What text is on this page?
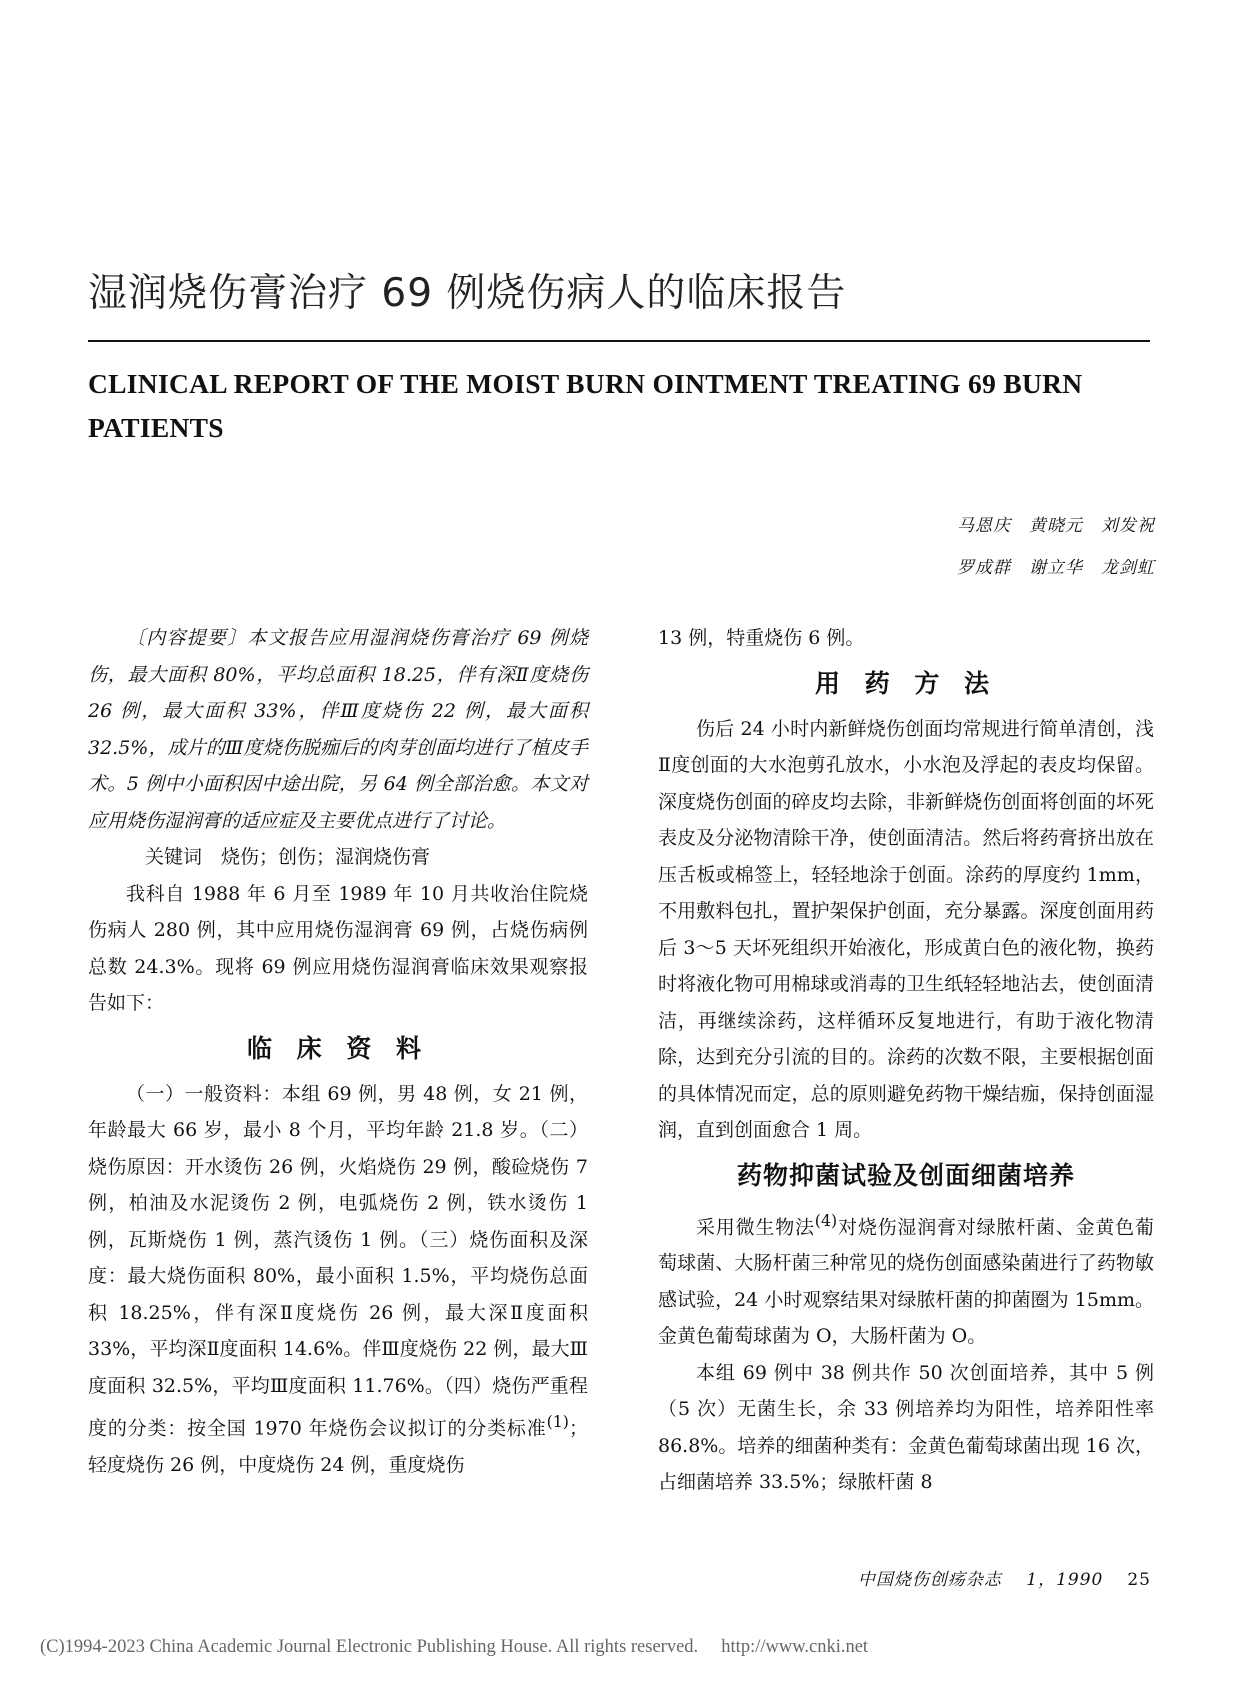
湿润烧伤膏治疗 69 例烧伤病人的临床报告
CLINICAL REPORT OF THE MOIST BURN OINTMENT TREATING 69 BURN PATIENTS
马恩庆　黄晓元　刘发祝
罗成群　谢立华　龙剑虹

〔内容提要〕本文报告应用湿润烧伤膏治疗 69 例烧伤，最大面积 80%，平均总面积 18.25，伴有深Ⅱ度烧伤 26 例，最大面积 33%，伴Ⅲ度烧伤 22 例，最大面积 32.5%，成片的Ⅲ度烧伤脱痂后的肉芽创面均进行了植皮手术。5 例中小面积因中途出院，另 64 例全部治愈。本文对应用烧伤湿润膏的适应症及主要优点进行了讨论。

关键词　烧伤；创伤；湿润烧伤膏

我科自 1988 年 6 月至 1989 年 10 月共收治住院烧伤病人 280 例，其中应用烧伤湿润膏 69 例，占烧伤病例总数 24.3%。现将 69 例应用烧伤湿润膏临床效果观察报告如下：

临 床 资 料

（一）一般资料：本组 69 例，男 48 例，女 21 例，年龄最大 66 岁，最小 8 个月，平均年龄 21.8 岁。（二）烧伤原因：开水烫伤 26 例，火焰烧伤 29 例，酸硷烧伤 7 例，柏油及水泥烫伤 2 例，电弧烧伤 2 例，铁水烫伤 1 例，瓦斯烧伤 1 例，蒸汽烫伤 1 例。（三）烧伤面积及深度：最大烧伤面积 80%，最小面积 1.5%，平均烧伤总面积 18.25%，伴有深Ⅱ度烧伤 26 例，最大深Ⅱ度面积 33%，平均深Ⅱ度面积 14.6%。伴Ⅲ度烧伤 22 例，最大Ⅲ度面积 32.5%，平均Ⅲ度面积 11.76%。（四）烧伤严重程度的分类：按全国 1970 年烧伤会议拟订的分类标准$^{(1)}$；轻度烧伤 26 例，中度烧伤 24 例，重度烧伤

13 例，特重烧伤 6 例。

用 药 方 法

伤后 24 小时内新鲜烧伤创面均常规进行简单清创，浅Ⅱ度创面的大水泡剪孔放水，小水泡及浮起的表皮均保留。深度烧伤创面的碎皮均去除，非新鲜烧伤创面将创面的坏死表皮及分泌物清除干净，使创面清洁。然后将药膏挤出放在压舌板或棉签上，轻轻地涂于创面。涂药的厚度约 1mm，不用敷料包扎，置护架保护创面，充分暴露。深度创面用药后 3～5 天坏死组织开始液化，形成黄白色的液化物，换药时将液化物可用棉球或消毒的卫生纸轻轻地沾去，使创面清洁，再继续涂药，这样循环反复地进行，有助于液化物清除，达到充分引流的目的。涂药的次数不限，主要根据创面的具体情况而定，总的原则避免药物干燥结痂，保持创面湿润，直到创面愈合 1 周。

药物抑菌试验及创面细菌培养

采用微生物法$^{(4)}$对烧伤湿润膏对绿脓杆菌、金黄色葡萄球菌、大肠杆菌三种常见的烧伤创面感染菌进行了药物敏感试验，24 小时观察结果对绿脓杆菌的抑菌圈为 15mm。金黄色葡萄球菌为 O，大肠杆菌为 O。

本组 69 例中 38 例共作 50 次创面培养，其中 5 例（5 次）无菌生长，余 33 例培养均为阳性，培养阳性率 86.8%。培养的细菌种类有：金黄色葡萄球菌出现 16 次，占细菌培养 33.5%；绿脓杆菌 8

中国烧伤创疡杂志　 1，1990 25
(C)1994-2023 China Academic Journal Electronic Publishing House. All rights reserved.　 http://www.cnki.net
